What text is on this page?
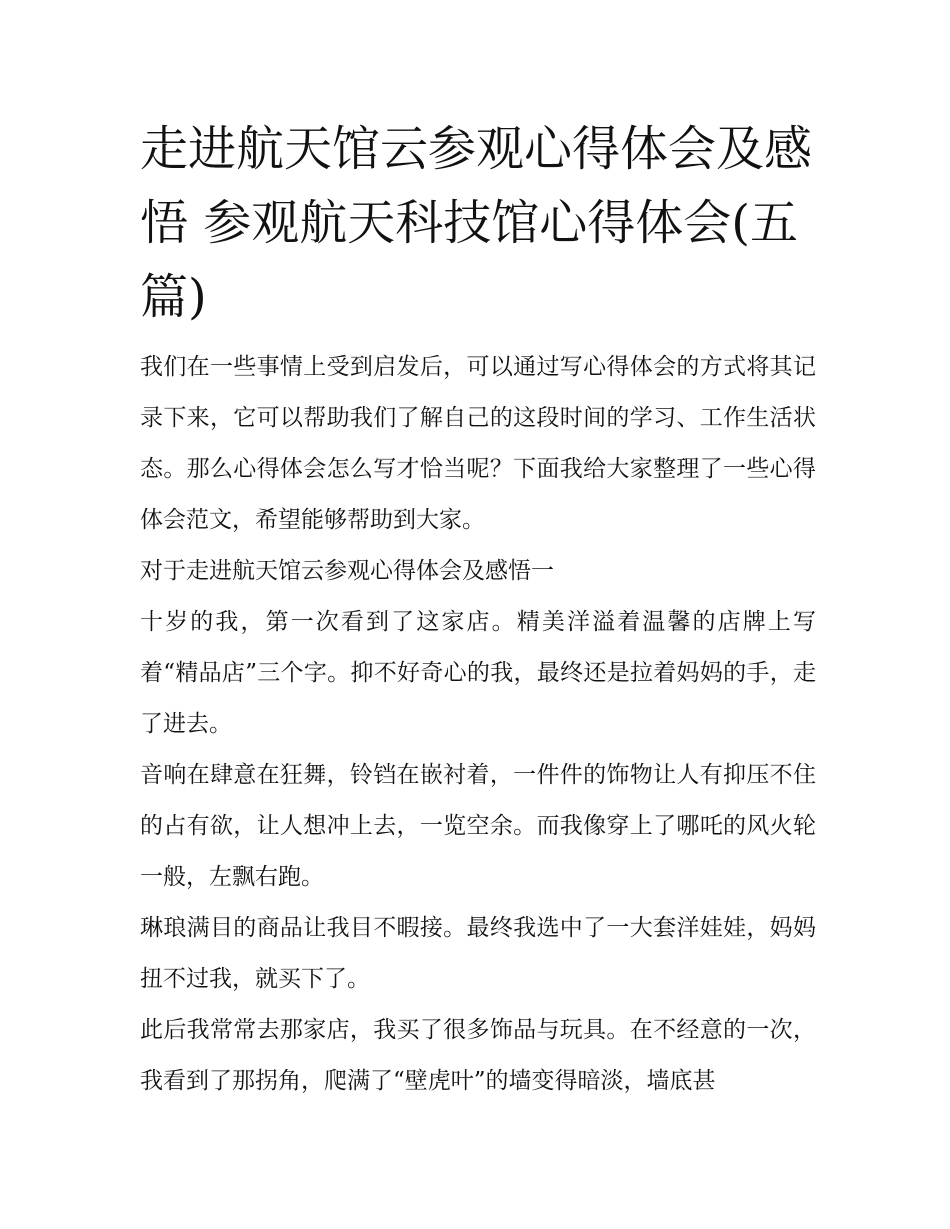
走进航天馆云参观心得体会及感悟 参观航天科技馆心得体会(五篇)

我们在一些事情上受到启发后，可以通过写心得体会的方式将其记录下来，它可以帮助我们了解自己的这段时间的学习、工作生活状态。那么心得体会怎么写才恰当呢？下面我给大家整理了一些心得体会范文，希望能够帮助到大家。

对于走进航天馆云参观心得体会及感悟一

十岁的我，第一次看到了这家店。精美洋溢着温馨的店牌上写着“精品店”三个字。抑不好奇心的我，最终还是拉着妈妈的手，走了进去。

音响在肆意在狂舞，铃铛在嵌衬着，一件件的饰物让人有抑压不住的占有欲，让人想冲上去，一览空余。而我像穿上了哪吒的风火轮一般，左飘右跑。

琳琅满目的商品让我目不暇接。最终我选中了一大套洋娃娃，妈妈扭不过我，就买下了。

此后我常常去那家店，我买了很多饰品与玩具。在不经意的一次，我看到了那拐角，爬满了“壁虎叶”的墙变得暗淡，墙底甚
